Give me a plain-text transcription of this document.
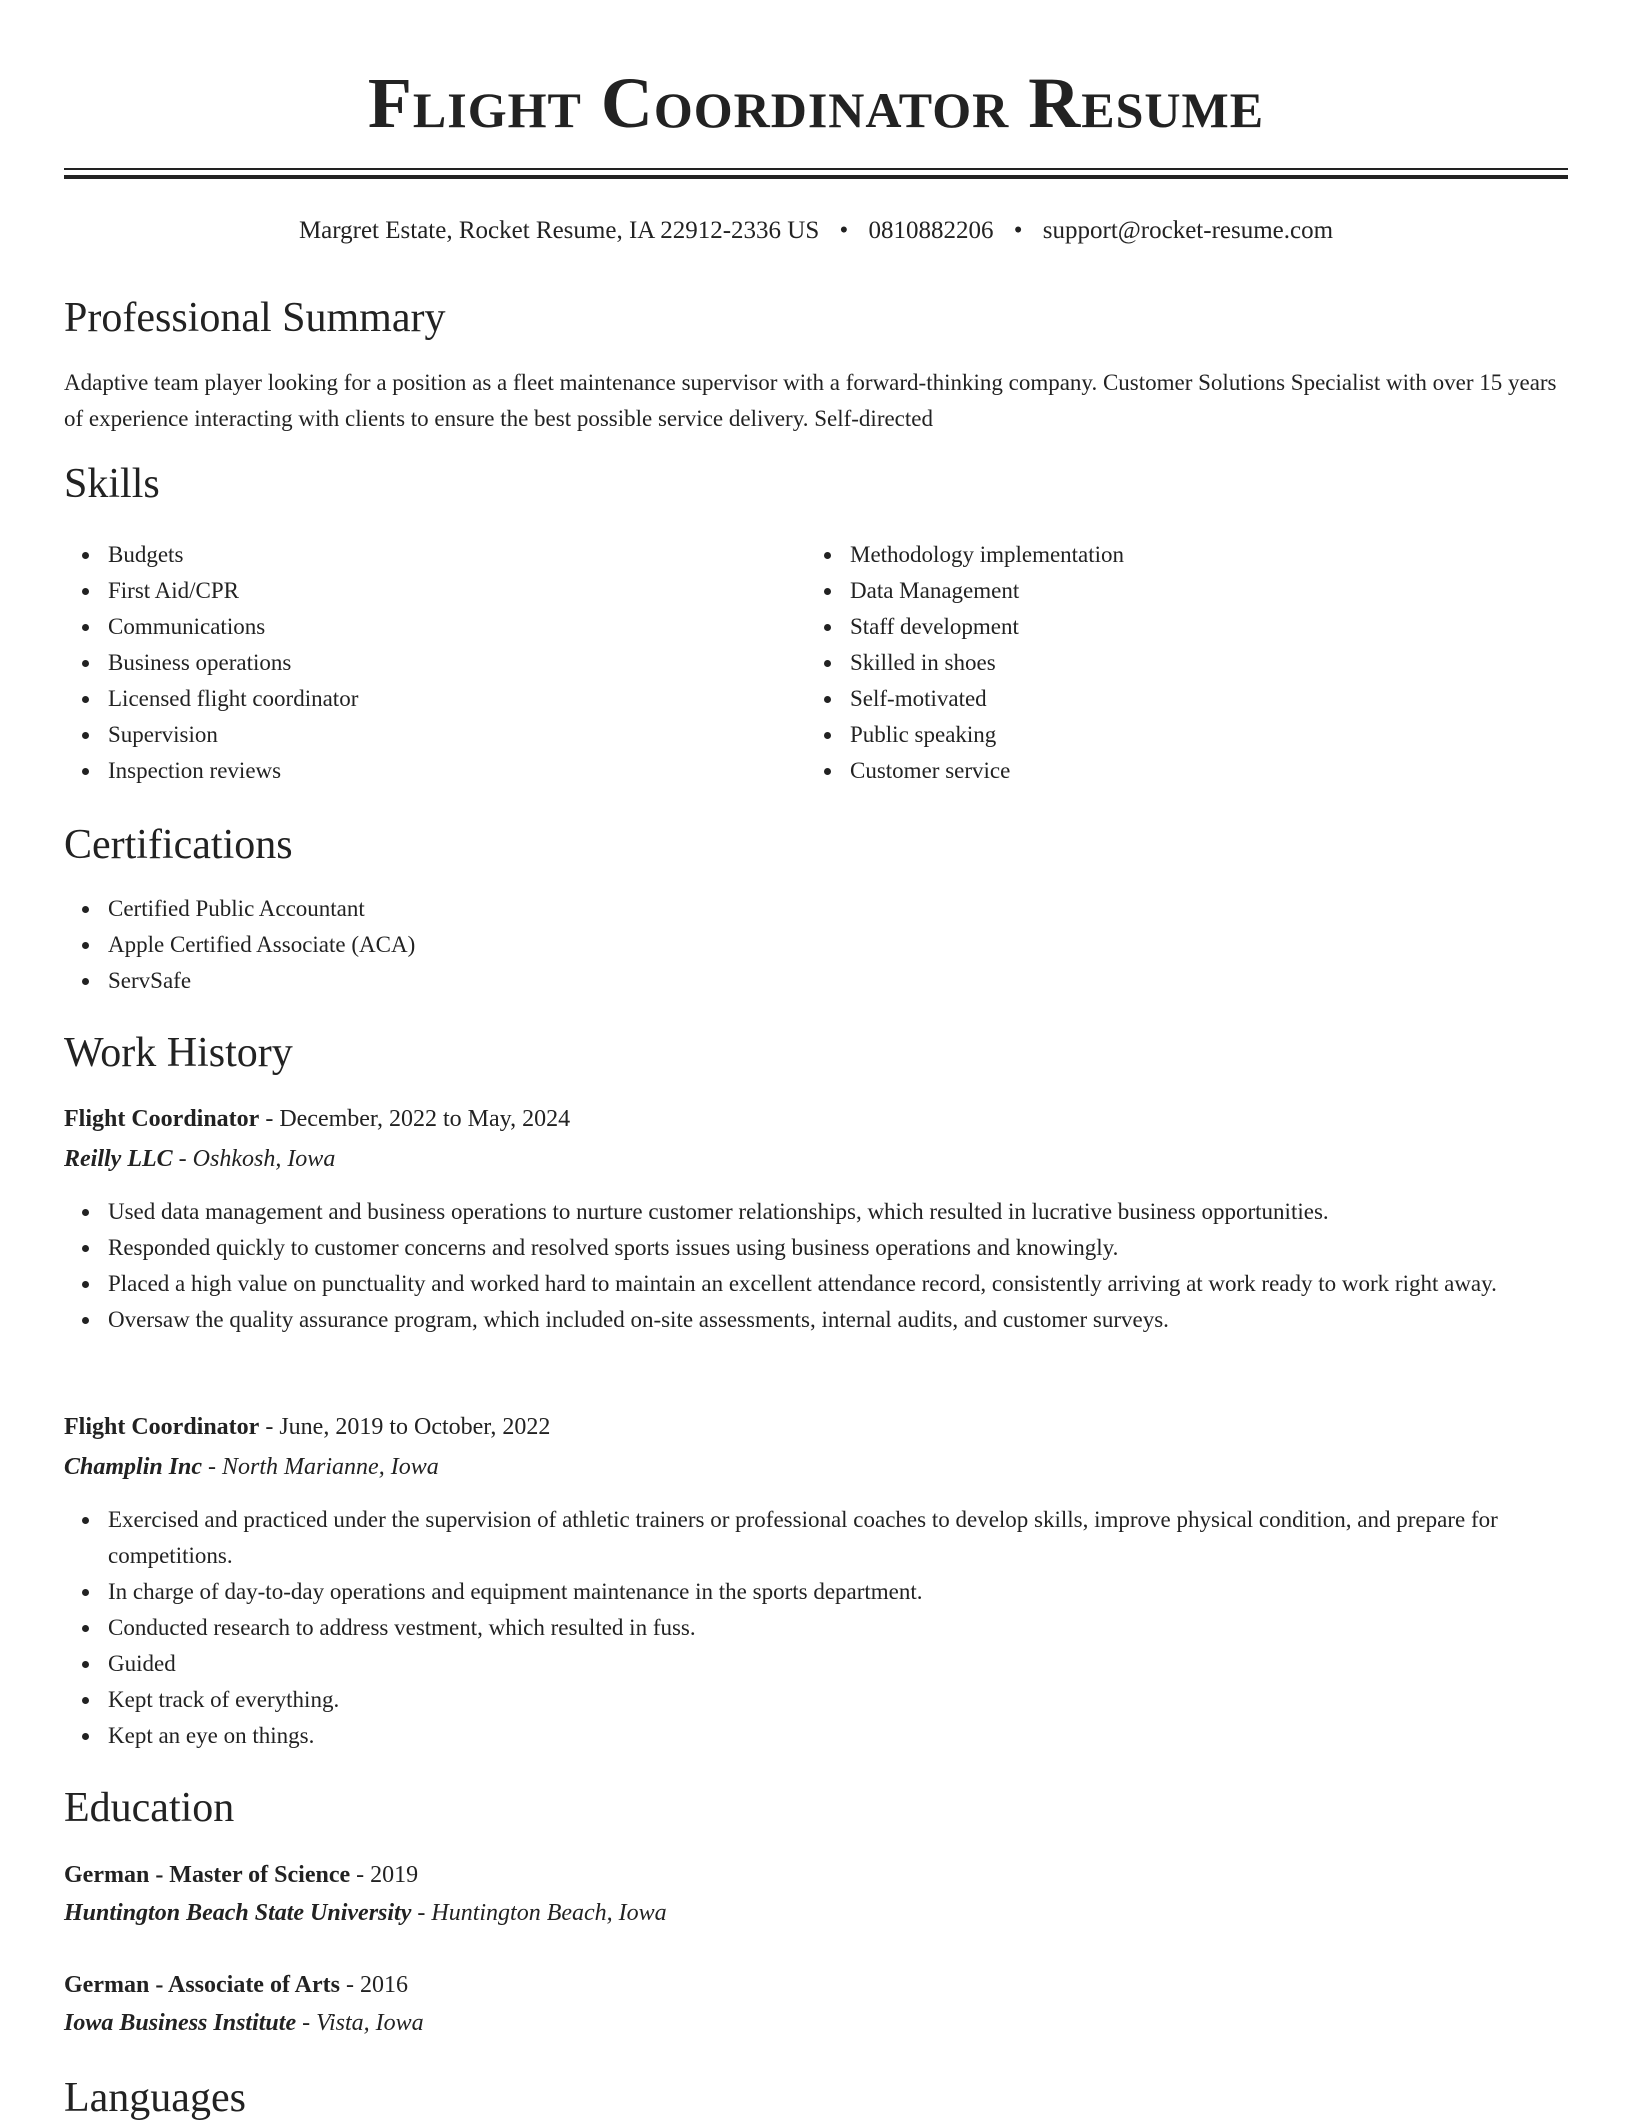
Flight Coordinator Resume
Margret Estate, Rocket Resume, IA 22912-2336 US • 0810882206 • support@rocket-resume.com
Professional Summary

Adaptive team player looking for a position as a fleet maintenance supervisor with a forward-thinking company. Customer Solutions Specialist with over 15 years of experience interacting with clients to ensure the best possible service delivery. Self-directed

Skills
Budgets
First Aid/CPR
Communications
Business operations
Licensed flight coordinator
Supervision
Inspection reviews
Methodology implementation
Data Management
Staff development
Skilled in shoes
Self-motivated
Public speaking
Customer service
Certifications
Certified Public Accountant
Apple Certified Associate (ACA)
ServSafe
Work History
Flight Coordinator - December, 2022 to May, 2024
Reilly LLC - Oshkosh, Iowa
Used data management and business operations to nurture customer relationships, which resulted in lucrative business opportunities.
Responded quickly to customer concerns and resolved sports issues using business operations and knowingly.
Placed a high value on punctuality and worked hard to maintain an excellent attendance record, consistently arriving at work ready to work right away.
Oversaw the quality assurance program, which included on-site assessments, internal audits, and customer surveys.
Flight Coordinator - June, 2019 to October, 2022
Champlin Inc - North Marianne, Iowa
Exercised and practiced under the supervision of athletic trainers or professional coaches to develop skills, improve physical condition, and prepare for competitions.
In charge of day-to-day operations and equipment maintenance in the sports department.
Conducted research to address vestment, which resulted in fuss.
Guided
Kept track of everything.
Kept an eye on things.
Education
German - Master of Science - 2019
Huntington Beach State University - Huntington Beach, Iowa
German - Associate of Arts - 2016
Iowa Business Institute - Vista, Iowa
Languages
